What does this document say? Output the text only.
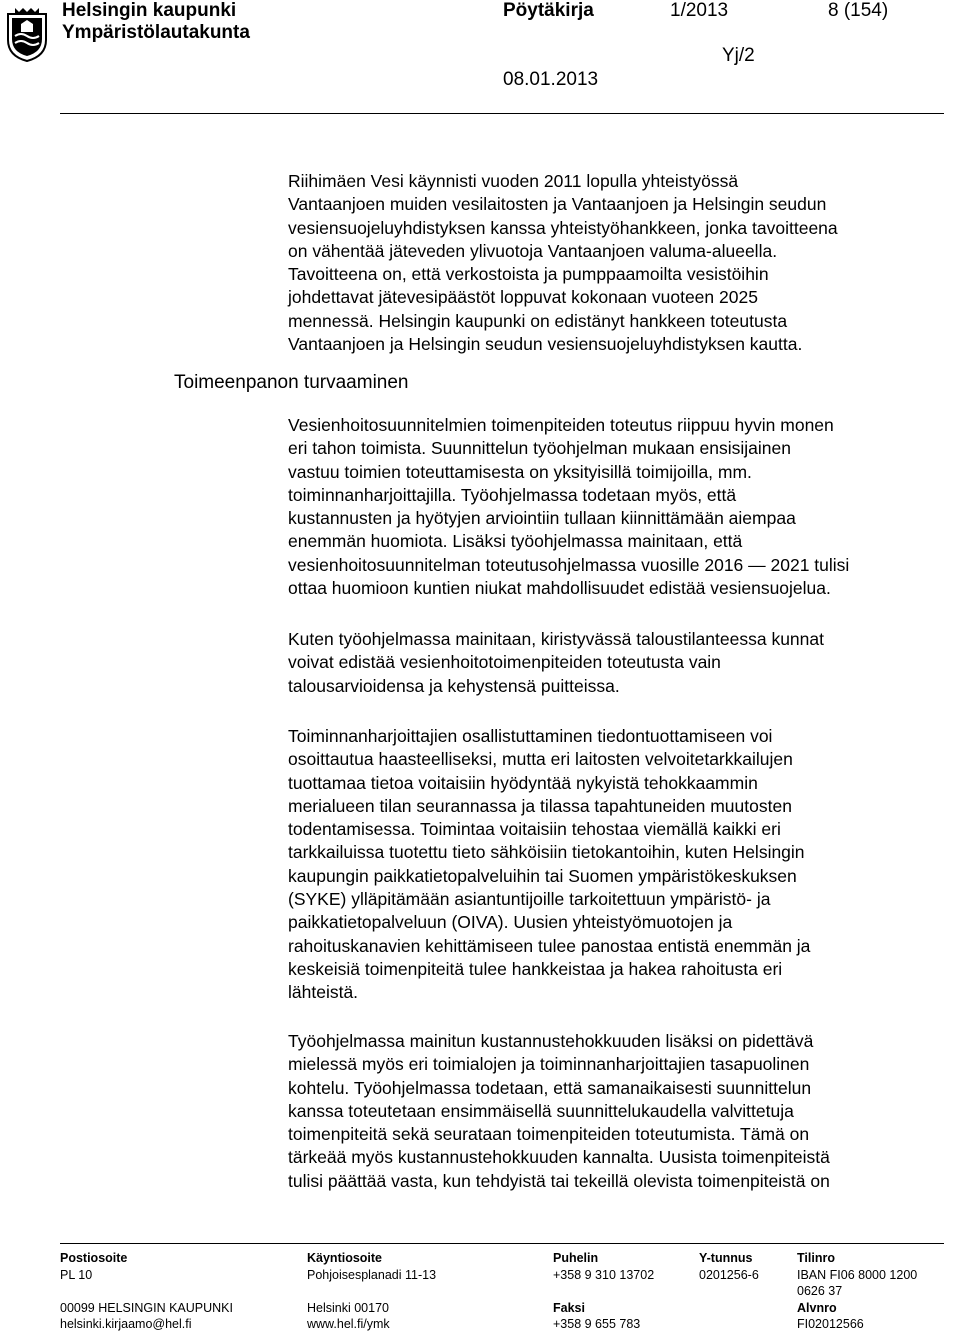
Helsingin kaupunki
Ympäristölautakunta
Pöytäkirja	1/2013	8 (154)
Yj/2
08.01.2013
Toimeenpanon turvaaminen
Riihimäen Vesi käynnisti vuoden 2011 lopulla yhteistyössä
Vantaanjoen muiden vesilaitosten ja Vantaanjoen ja Helsingin seudun
vesiensuojeluyhdistyksen kanssa yhteistyöhankkeen, jonka tavoitteena
on vähentää jäteveden ylivuotoja Vantaanjoen valuma-alueella.
Tavoitteena on, että verkostoista ja pumppaamoilta vesistöihin
johdettavat jätevesipäästöt loppuvat kokonaan vuoteen 2025
mennessä. Helsingin kaupunki on edistänyt hankkeen toteutusta
Vantaanjoen ja Helsingin seudun vesiensuojeluyhdistyksen kautta.
Vesienhoitosuunnitelmien toimenpiteiden toteutus riippuu hyvin monen
eri tahon toimista. Suunnittelun työohjelman mukaan ensisijainen
vastuu toimien toteuttamisesta on yksityisillä toimijoilla, mm.
toiminnanharjoittajilla. Työohjelmassa todetaan myös, että
kustannusten ja hyötyjen arviointiin tullaan kiinnittämään aiempaa
enemmän huomiota. Lisäksi työohjelmassa mainitaan, että
vesienhoitosuunnitelman toteutusohjelmassa vuosille 2016 — 2021 tulisi
ottaa huomioon kuntien niukat mahdollisuudet edistää vesiensuojelua.
Kuten työohjelmassa mainitaan, kiristyvässä taloustilanteessa kunnat
voivat edistää vesienhoitotoimenpiteiden toteutusta vain
talousarvioidensa ja kehystensä puitteissa.
Toiminnanharjoittajien osallistuttaminen tiedontuottamiseen voi
osoittautua haasteelliseksi, mutta eri laitosten velvoitetarkkailujen
tuottamaa tietoa voitaisiin hyödyntää nykyistä tehokkaammin
merialueen tilan seurannassa ja tilassa tapahtuneiden muutosten
todentamisessa. Toimintaa voitaisiin tehostaa viemällä kaikki eri
tarkkailuissa tuotettu tieto sähköisiin tietokantoihin, kuten Helsingin
kaupungin paikkatietopalveluihin tai Suomen ympäristökeskuksen
(SYKE) ylläpitämään asiantuntijoille tarkoitettuun ympäristö- ja
paikkatietopalveluun (OIVA). Uusien yhteistyömuotojen ja
rahoituskanavien kehittämiseen tulee panostaa entistä enemmän ja
keskeisiä toimenpiteitä tulee hankkeistaa ja hakea rahoitusta eri
lähteistä.
Työohjelmassa mainitun kustannustehokkuuden lisäksi on pidettävä
mielessä myös eri toimialojen ja toiminnanharjoittajien tasapuolinen
kohtelu. Työohjelmassa todetaan, että samanaikaisesti suunnittelun
kanssa toteutetaan ensimmäisellä suunnittelukaudella valvittetuja
toimenpiteitä sekä seurataan toimenpiteiden toteutumista. Tämä on
tärkeää myös kustannustehokkuuden kannalta. Uusista toimenpiteistä
tulisi päättää vasta, kun tehdyistä tai tekeillä olevista toimenpiteistä on
Postiosoite
PL 10
00099 HELSINGIN KAUPUNKI
helsinki.kirjaamo@hel.fi
Käyntiosoite
Pohjoisesplanadi 11-13
Helsinki 00170
www.hel.fi/ymk
Puhelin
+358 9 310 13702
Faksi
+358 9 655 783
Y-tunnus
0201256-6
Tilinro
IBAN FI06 8000 1200
0626 37
Alvnro
FI02012566
